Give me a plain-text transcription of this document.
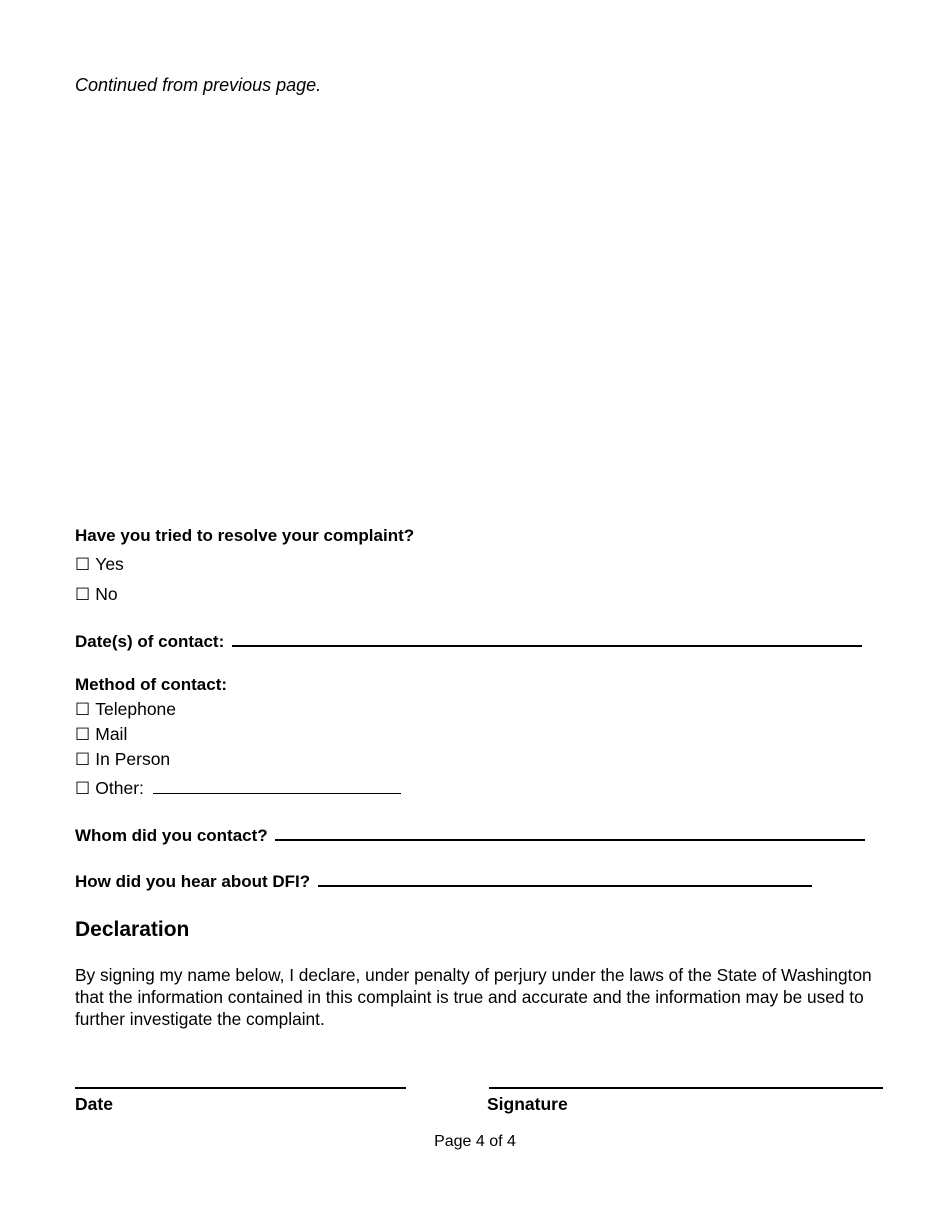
Continued from previous page.
Have you tried to resolve your complaint?
☐ Yes
☐ No
Date(s) of contact:
Method of contact:
☐ Telephone
☐ Mail
☐ In Person
☐ Other:
Whom did you contact?
How did you hear about DFI?
Declaration
By signing my name below, I declare, under penalty of perjury under the laws of the State of Washington that the information contained in this complaint is true and accurate and the information may be used to further investigate the complaint.
Date	Signature
Page 4 of 4
